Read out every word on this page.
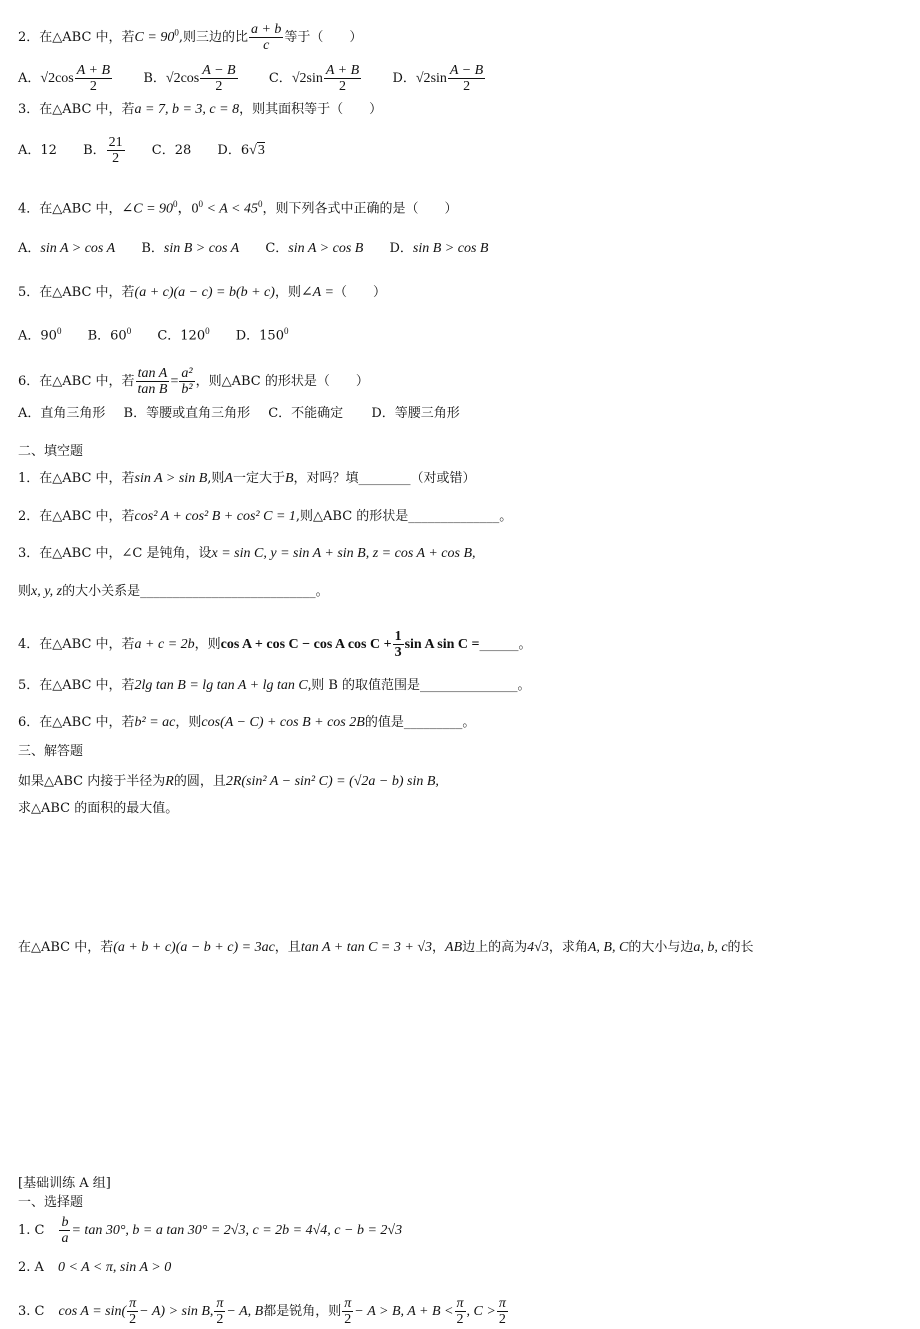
2．在△ABC 中，若$C = 90^0$,则三边的比 $\frac{a + b}{c}$ 等于（　　）
A．$√2\cos \frac{A + B}{2}$ B．$√2\cos \frac{A - B}{2}$ C．$√2\sin \frac{A + B}{2}$ D．$√2\sin \frac{A - B}{2}$
3．在△ABC 中，若a = 7, b = 3, c = 8，则其面积等于（　　）
A．12 B． $\frac{21}{2}$ C．28 D．6√3
4．在△ABC 中，∠C = $90^0$，$0^0 < A < 45^0$，则下列各式中正确的是（　　）
A．sin A > cos A B．sin B > cos A C．sin A > cos B D．sin B > cos B
5．在△ABC 中，若(a + c)(a − c) = b(b + c)，则∠A =（　　）
A．$90^0$ B．$60^0$ C．$120^0$ D．$150^0$
6．在△ABC 中，若 $\frac{\text{tan A}}{\text{tan B}} = \frac{\text{a²}}{\text{b²}}$ ，则△ABC 的形状是（　　）
A．直角三角形 B．等腰或直角三角形 C．不能确定 D．等腰三角形
二、填空题
1．在△ABC 中，若sin A > sin B,则A一定大于B，对吗？填________（对或错）
2．在△ABC 中，若cos² A + cos² B + cos² C = 1,则△ABC 的形状是______________。
3．在△ABC 中，∠C 是钝角，设x = sin C, y = sin A + sin B, z = cos A + cos B,
则x, y, z的大小关系是___________________________。
4．在△ABC 中，若a + c = 2b，则cos A + cos C − cos A $\cos C + \frac{1}{3}$ sin A sin C =______。
5．在△ABC 中，若2lg tan B = lg tan A + lg tan C,则 B 的取值范围是_______________。
6．在△ABC 中，若b² = ac，则cos(A − C) + cos B + cos 2B的值是_________。
三、解答题
如果△ABC 内接于半径为R的圆，且2R(sin² A − sin² C) = (√2a − b) sin B,
求△ABC 的面积的最大值。
在△ABC 中，若(a + b + c)(a − b + c) = 3ac，且tan A + tan C = 3 + √3，AB边上的高为4√3，求角A, B, C的大小与边a, b, c的长
[基础训练 A 组]
一、选择题
1. C $\frac{b}{a} = \tan 30^\circ$, b = a tan 30° = 2√3, c = 2b = 4√4, c − b = 2√3
2. A 0 < A < π, sin A > 0
3. C $\cos A = \sin( \frac{\pi}{2} - A) > \sin B$, $\frac{\pi}{2} - A$, B都是锐角，则 $\frac{\pi}{2} - A > B$, $A + B < \frac{\pi}{2}$ , $C > \frac{\pi}{2}$
